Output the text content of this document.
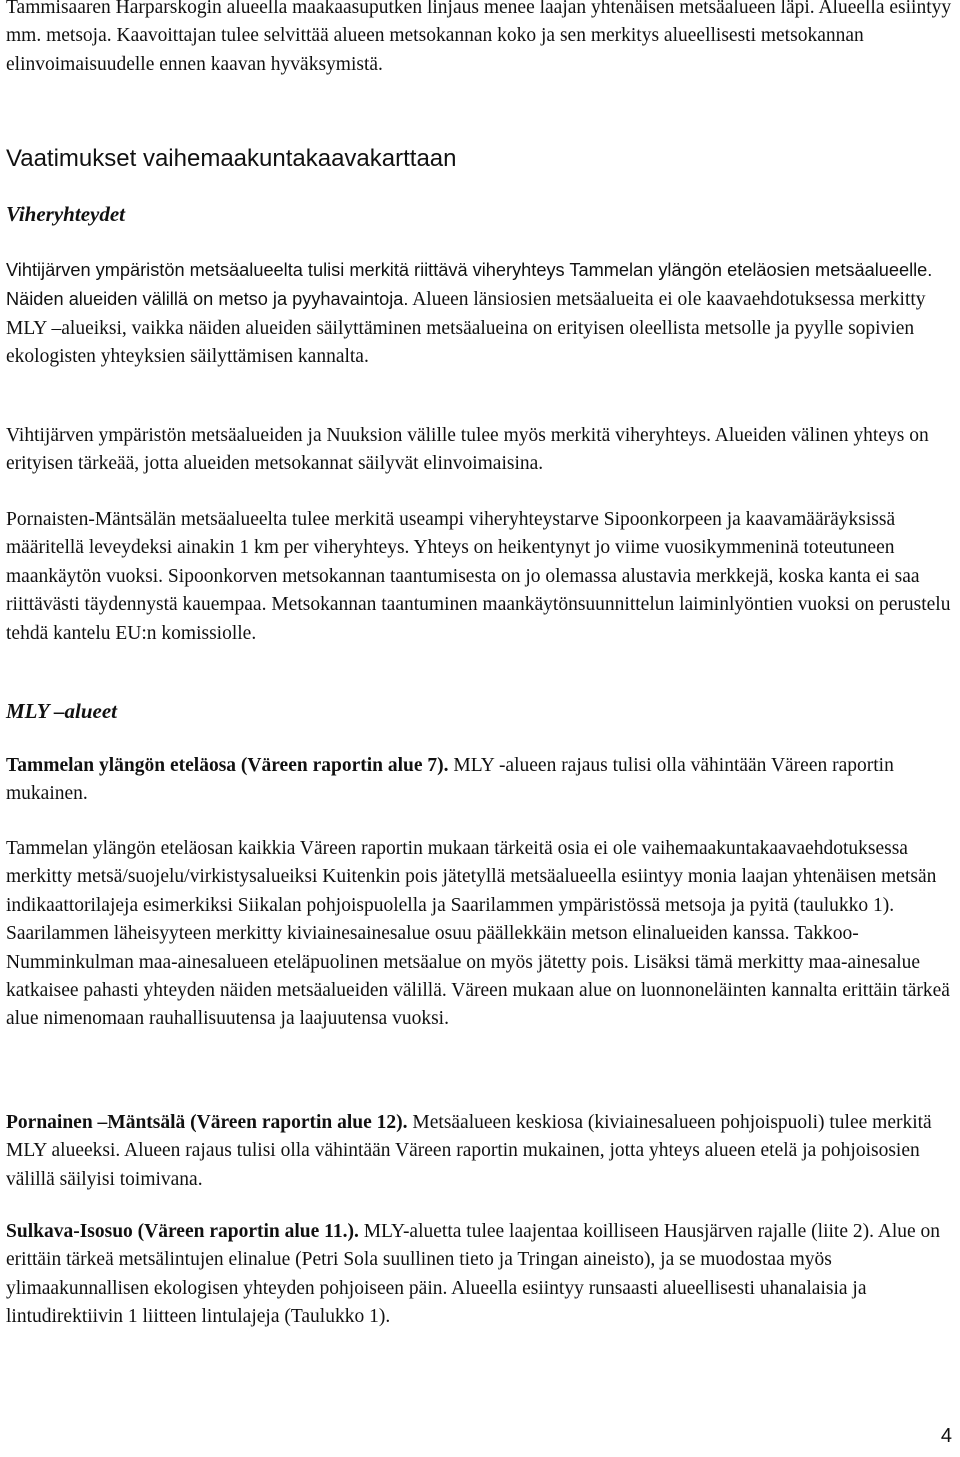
Tammisaaren Harparskogin alueella maakaasuputken linjaus menee laajan yhtenäisen metsäalueen läpi. Alueella esiintyy mm. metsoja. Kaavoittajan tulee selvittää alueen metsokannan koko ja sen merkitys alueellisesti metsokannan elinvoimaisuudelle ennen kaavan hyväksymistä.

Vaatimukset vaihemaakuntakaavakarttaan
Viheryhteydet

Vihtijärven ympäristön metsäalueelta tulisi merkitä riittävä viheryhteys Tammelan ylängön eteläosien metsäalueelle. Näiden alueiden välillä on metso ja pyyhavaintoja. Alueen länsiosien metsäalueita ei ole kaavaehdotuksessa merkitty MLY –alueiksi, vaikka näiden alueiden säilyttäminen metsäalueina on erityisen oleellista metsolle ja pyylle sopivien ekologisten yhteyksien säilyttämisen kannalta.

Vihtijärven ympäristön metsäalueiden ja Nuuksion välille tulee myös merkitä viheryhteys. Alueiden välinen yhteys on erityisen tärkeää, jotta alueiden metsokannat säilyvät elinvoimaisina.

Pornaisten-Mäntsälän metsäalueelta tulee merkitä useampi viheryhteystarve Sipoonkorpeen ja kaavamääräyksissä määritellä leveydeksi ainakin 1 km per viheryhteys. Yhteys on heikentynyt jo viime vuosikymmeninä toteutuneen maankäytön vuoksi. Sipoonkorven metsokannan taantumisesta on jo olemassa alustavia merkkejä, koska kanta ei saa riittävästi täydennystä kauempaa. Metsokannan taantuminen maankäytönsuunnittelun laiminlyöntien vuoksi on perustelu tehdä kantelu EU:n komissiolle.

MLY –alueet

Tammelan ylängön eteläosa (Väreen raportin alue 7). MLY -alueen rajaus tulisi olla vähintään Väreen raportin mukainen.

Tammelan ylängön eteläosan kaikkia Väreen raportin mukaan tärkeitä osia ei ole vaihemaakuntakaavaehdotuksessa merkitty metsä/suojelu/virkistysalueiksi Kuitenkin pois jätetyllä metsäalueella esiintyy monia laajan yhtenäisen metsän indikaattorilajeja esimerkiksi Siikalan pohjoispuolella ja Saarilammen ympäristössä metsoja ja pyitä (taulukko 1). Saarilammen läheisyyteen merkitty kiviainesainesalue osuu päällekkäin metson elinalueiden kanssa. Takkoo-Numminkulman maa-ainesalueen eteläpuolinen metsäalue on myös jätetty pois. Lisäksi tämä merkitty maa-ainesalue katkaisee pahasti yhteyden näiden metsäalueiden välillä. Väreen mukaan alue on luonnoneläinten kannalta erittäin tärkeä alue nimenomaan rauhallisuutensa ja laajuutensa vuoksi.

Pornainen –Mäntsälä (Väreen raportin alue 12). Metsäalueen keskiosa (kiviainesalueen pohjoispuoli) tulee merkitä MLY alueeksi. Alueen rajaus tulisi olla vähintään Väreen raportin mukainen, jotta yhteys alueen etelä ja pohjoisosien välillä säilyisi toimivana.

Sulkava-Isosuo (Väreen raportin alue 11.). MLY-aluetta tulee laajentaa koilliseen Hausjärven rajalle (liite 2). Alue on erittäin tärkeä metsälintujen elinalue (Petri Sola suullinen tieto ja Tringan aineisto), ja se muodostaa myös ylimaakunnallisen ekologisen yhteyden pohjoiseen päin. Alueella esiintyy runsaasti alueellisesti uhanalaisia ja lintudirektiivin 1 liitteen lintulajeja (Taulukko 1).

4
